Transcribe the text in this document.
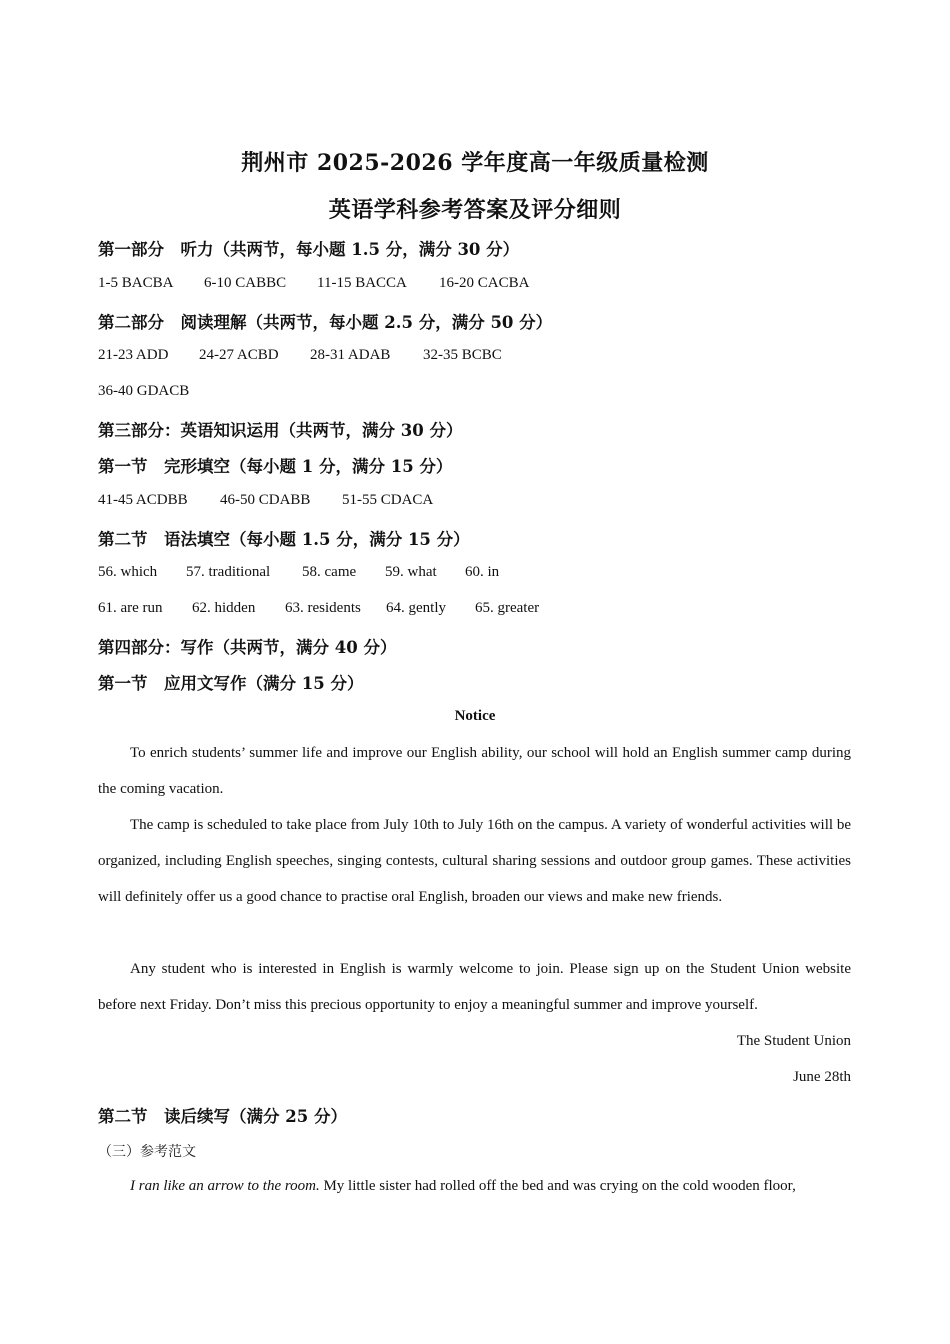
荆州市 2025-2026 学年度高一年级质量检测
英语学科参考答案及评分细则
第一部分　听力（共两节，每小题 1.5 分，满分 30 分）
1-5 BACBA 6-10 CABBC 11-15 BACCA 16-20 CACBA
第二部分　阅读理解（共两节，每小题 2.5 分，满分 50 分）
21-23 ADD 24-27 ACBD 28-31 ADAB 32-35 BCBC
36-40 GDACB
第三部分：英语知识运用（共两节，满分 30 分）
第一节　完形填空（每小题 1 分，满分 15 分）
41-45 ACDBB 46-50 CDABB 51-55 CDACA
第二节　语法填空（每小题 1.5 分，满分 15 分）
56. which 57. traditional 58. came 59. what 60. in
61. are run 62. hidden 63. residents 64. gently 65. greater
第四部分：写作（共两节，满分 40 分）
第一节　应用文写作（满分 15 分）
Notice

To enrich students’ summer life and improve our English ability, our school will hold an English summer camp during the coming vacation.

The camp is scheduled to take place from July 10th to July 16th on the campus. A variety of wonderful activities will be organized, including English speeches, singing contests, cultural sharing sessions and outdoor group games. These activities will definitely offer us a good chance to practise oral English, broaden our views and make new friends.

Any student who is interested in English is warmly welcome to join. Please sign up on the Student Union website before next Friday. Don’t miss this precious opportunity to enjoy a meaningful summer and improve yourself.

The Student Union
June 28th
第二节　读后续写（满分 25 分）
（三）参考范文

I ran like an arrow to the room. My little sister had rolled off the bed and was crying on the cold wooden floor,
